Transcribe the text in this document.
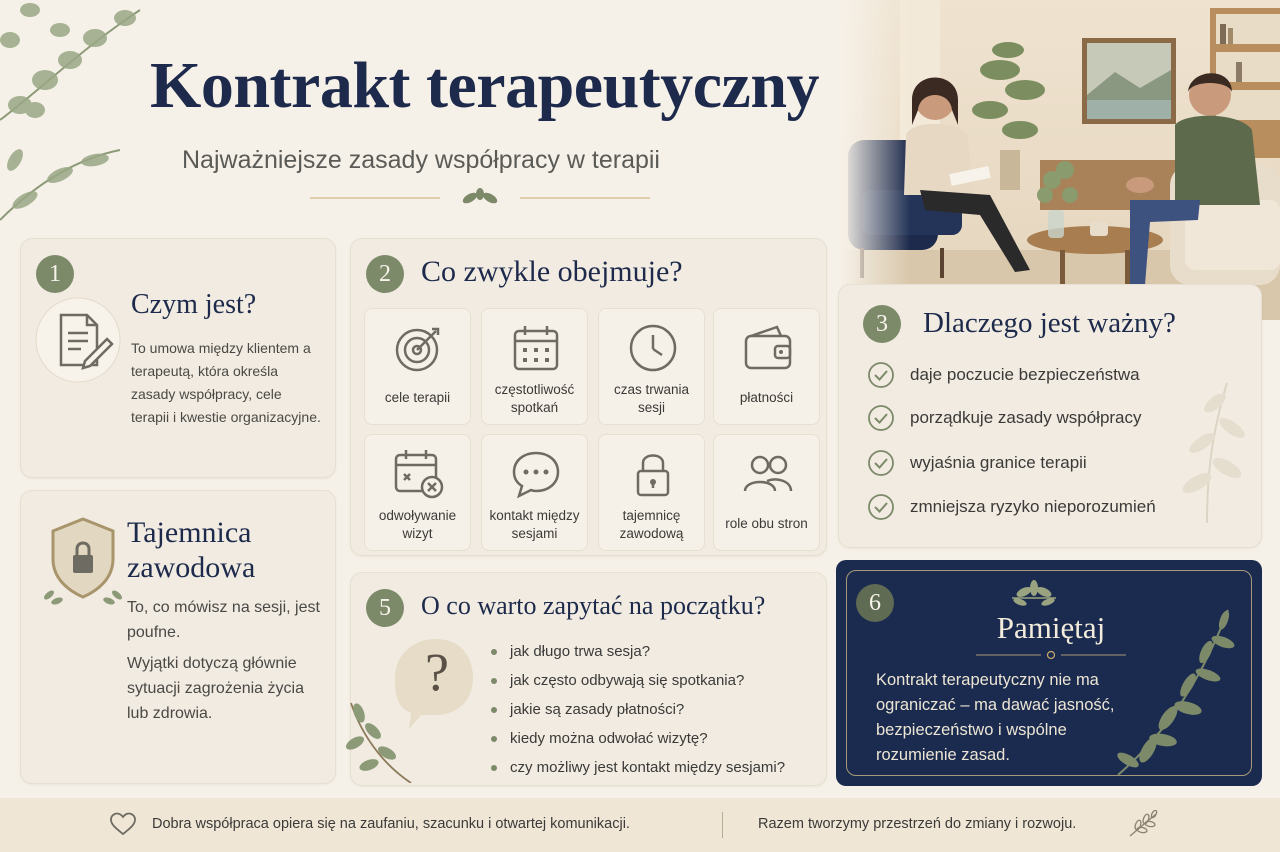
Kontrakt terapeutyczny
Najważniejsze zasady współpracy w terapii
1
Czym jest?

To umowa między klientem a terapeutą, która określa zasady współpracy, cele terapii i kwestie organizacyjne.

Tajemnica zawodowa

To, co mówisz na sesji, jest poufne.

Wyjątki dotyczą głównie sytuacji zagrożenia życia lub zdrowia.

2	Co zwykle obejmuje?
cele terapii
częstotliwość spotkań
czas trwania sesji
płatności
odwoływanie wizyt
kontakt między sesjami
tajemnicę zawodową
role obu stron
3	Dlaczego jest ważny?
daje poczucie bezpieczeństwa
porządkuje zasady współpracy
wyjaśnia granice terapii
zmniejsza ryzyko nieporozumień
5	O co warto zapytać na początku?
?	jak długo trwa sesja?
jak często odbywają się spotkania?
jakie są zasady płatności?
kiedy można odwołać wizytę?
czy możliwy jest kontakt między sesjami?
6
Pamiętaj

Kontrakt terapeutyczny nie ma ograniczać – ma dawać jasność, bezpieczeństwo i wspólne rozumienie zasad.

Dobra współpraca opiera się na zaufaniu, szacunku i otwartej komunikacji.	Razem tworzymy przestrzeń do zmiany i rozwoju.
